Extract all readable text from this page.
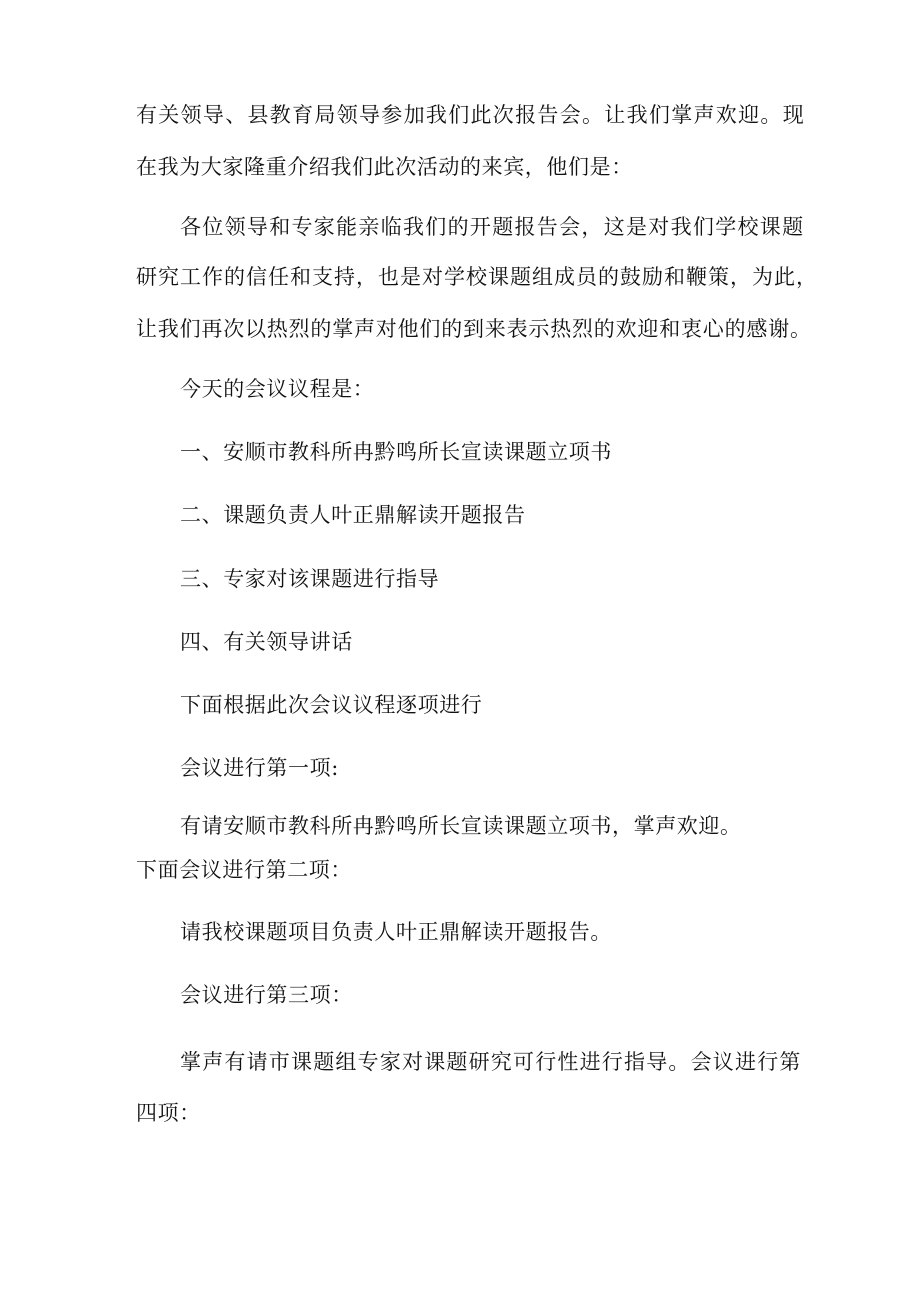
有关领导、县教育局领导参加我们此次报告会。让我们掌声欢迎。现

在我为大家隆重介绍我们此次活动的来宾，他们是：

各位领导和专家能亲临我们的开题报告会，这是对我们学校课题

研究工作的信任和支持，也是对学校课题组成员的鼓励和鞭策，为此，

让我们再次以热烈的掌声对他们的到来表示热烈的欢迎和衷心的感谢。

今天的会议议程是：

一、安顺市教科所冉黔鸣所长宣读课题立项书

二、课题负责人叶正鼎解读开题报告

三、专家对该课题进行指导

四、有关领导讲话

下面根据此次会议议程逐项进行

会议进行第一项:

有请安顺市教科所冉黔鸣所长宣读课题立项书，掌声欢迎。

下面会议进行第二项：

请我校课题项目负责人叶正鼎解读开题报告。

会议进行第三项：

掌声有请市课题组专家对课题研究可行性进行指导。会议进行第

四项：
